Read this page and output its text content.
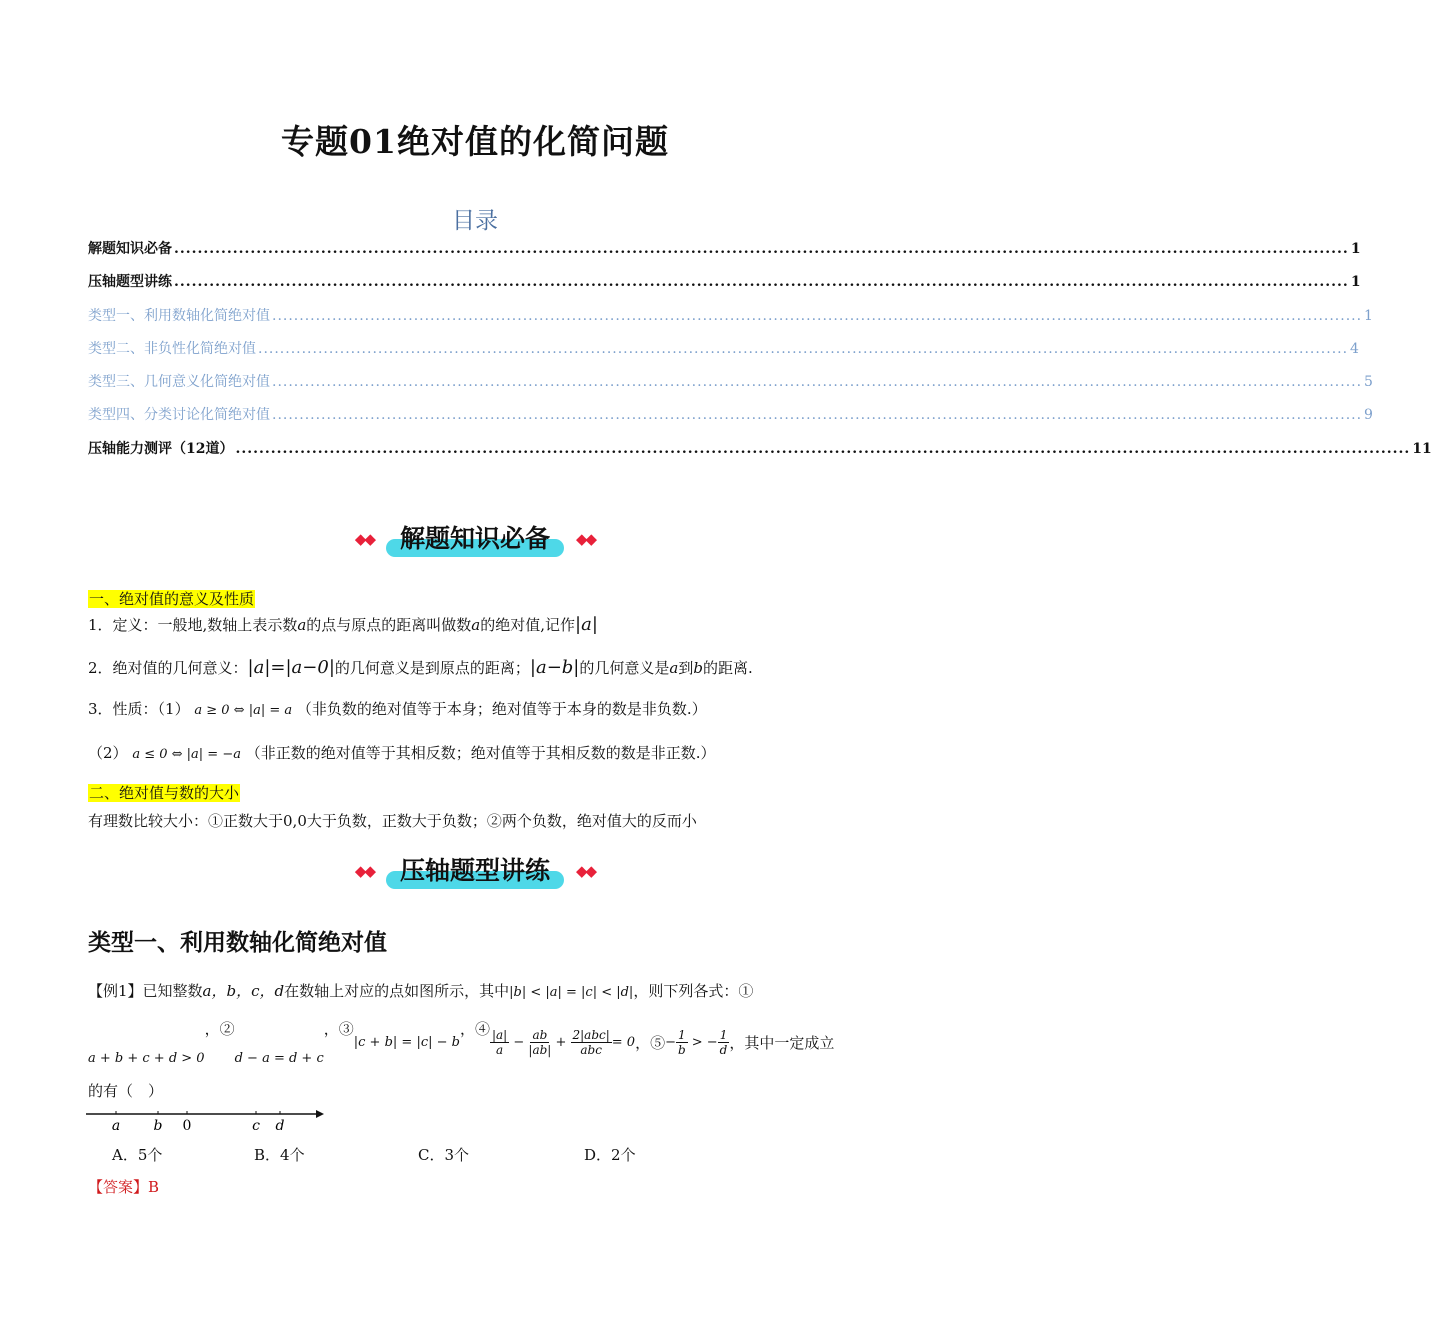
专题01绝对值的化简问题
目录
解题知识必备 ........................................................................................................................................................................................................ 1
压轴题型讲练 ........................................................................................................................................................................................................ 1
类型一、利用数轴化简绝对值 ........................................................................................................................................................................................................ 1
类型二、非负性化简绝对值 ........................................................................................................................................................................................................ 4
类型三、几何意义化简绝对值 ........................................................................................................................................................................................................ 5
类型四、分类讨论化简绝对值 ........................................................................................................................................................................................................ 9
压轴能力测评（12道） ........................................................................................................................................................................................................ 11
◆◆	解题知识必备	◆◆
一、绝对值的意义及性质
1．定义：一般地,数轴上表示数a的点与原点的距离叫做数a的绝对值,记作|a|
2．绝对值的几何意义：|a|=|a−0|的几何意义是到原点的距离；|a−b|的几何意义是a到b的距离.
3．性质：（1） a ≥ 0 ⇔ |a| = a （非负数的绝对值等于本身；绝对值等于本身的数是非负数.）
（2） a ≤ 0 ⇔ |a| = −a （非正数的绝对值等于其相反数；绝对值等于其相反数的数是非正数.）
二、绝对值与数的大小
有理数比较大小：①正数大于0,0大于负数，正数大于负数；②两个负数，绝对值大的反而小
◆◆	压轴题型讲练	◆◆
类型一、利用数轴化简绝对值
【例1】已知整数a，b，c，d在数轴上对应的点如图所示，其中|b| < |a| = |c| < |d|，则下列各式：①
a + b + c + d > 0
，②
d − a = d + c
，③
|c + b| = |c| − b
，④ $\frac{|a|}{a} - \frac{ab}{|ab|} + \frac{\text{2|abc|}}{\text{abc}} = 0$ ，⑤ − $\frac{1}{b}$ > − $\frac{1}{d}$ ，其中一定成立
的有（　）
a b 0	c d
A．5个	B．4个	C．3个	D．2个
【答案】B
